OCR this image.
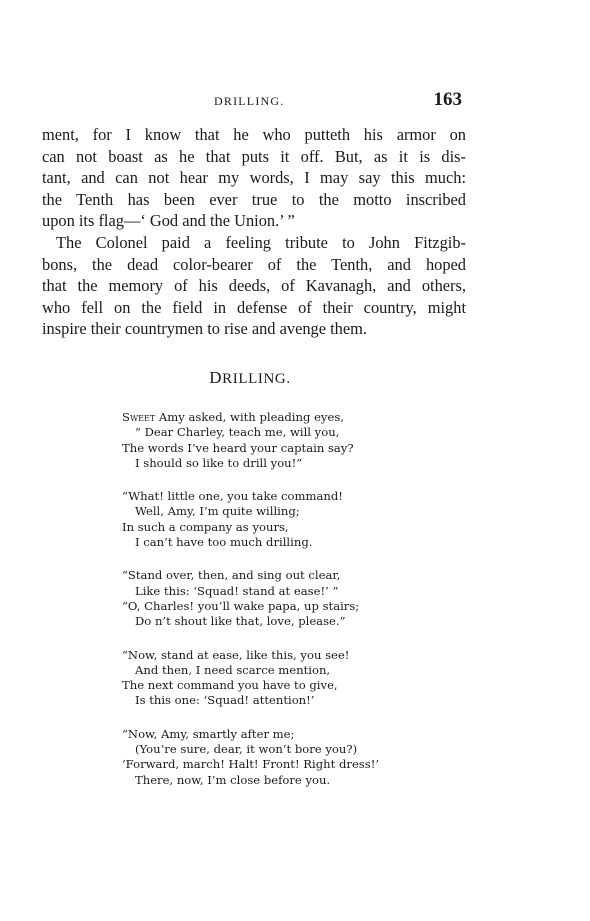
DRILLING.	163

ment, for I know that he who putteth his armor on
can not boast as he that puts it off. But, as it is dis-
tant, and can not hear my words, I may say this much:
the Tenth has been ever true to the motto inscribed
upon its flag—‘ God and the Union.’ ”

The Colonel paid a feeling tribute to John Fitzgib-
bons, the dead color-bearer of the Tenth, and hoped
that the memory of his deeds, of Kavanagh, and others,
who fell on the field in defense of their country, might
inspire their countrymen to rise and avenge them.

DRILLING.
Sweet Amy asked, with pleading eyes,
“ Dear Charley, teach me, will you,
The words I’ve heard your captain say?
I should so like to drill you!”
“What! little one, you take command!
Well, Amy, I’m quite willing;
In such a company as yours,
I can’t have too much drilling.
“Stand over, then, and sing out clear,
Like this: ‘Squad! stand at ease!’ ”
“O, Charles! you’ll wake papa, up stairs;
Do n’t shout like that, love, please.”
“Now, stand at ease, like this, you see!
And then, I need scarce mention,
The next command you have to give,
Is this one: ‘Squad! attention!’
“Now, Amy, smartly after me;
(You’re sure, dear, it won’t bore you?)
‘Forward, march! Halt! Front! Right dress!’
There, now, I’m close before you.
